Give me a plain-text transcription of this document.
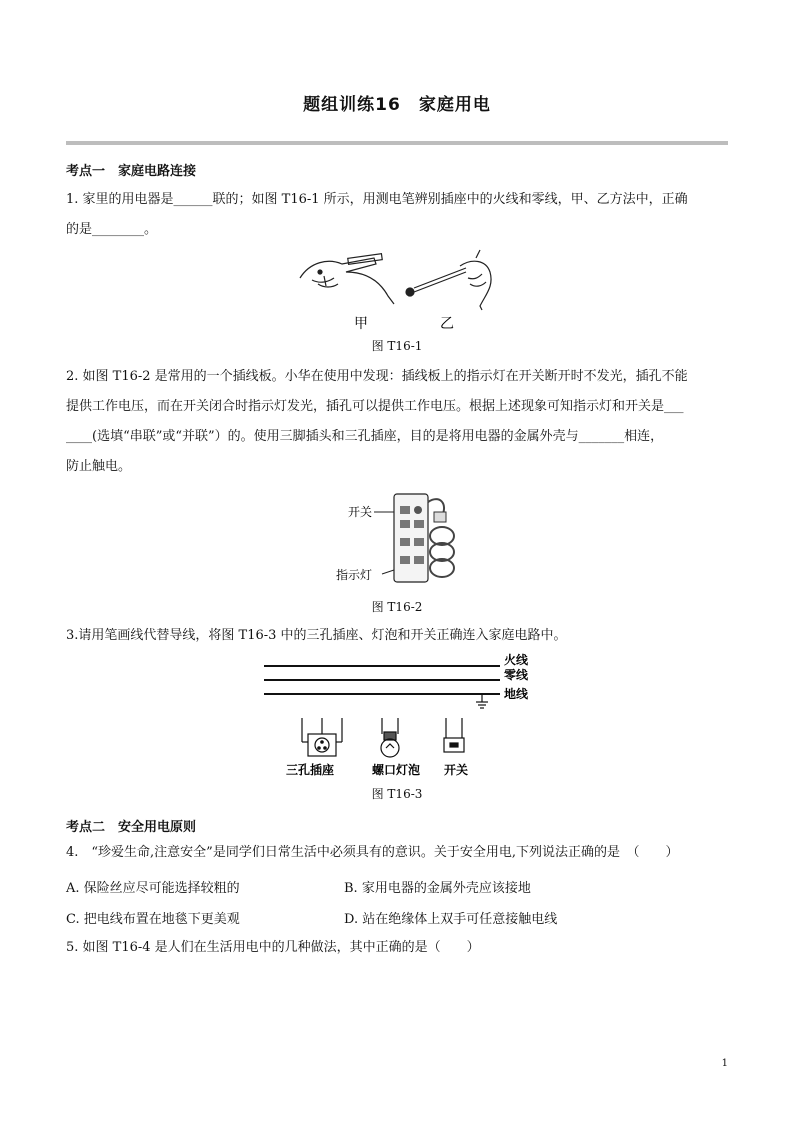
题组训练16　家庭用电
考点一　家庭电路连接

1. 家里的用电器是______联的；如图 T16-1 所示，用测电笔辨别插座中的火线和零线，甲、乙方法中，正确

的是________。

甲	乙
图 T16-1

2. 如图 T16-2 是常用的一个插线板。小华在使用中发现：插线板上的指示灯在开关断开时不发光，插孔不能

提供工作电压，而在开关闭合时指示灯发光，插孔可以提供工作电压。根据上述现象可知指示灯和开关是___

____(选填“串联”或“并联”）的。使用三脚插头和三孔插座，目的是将用电器的金属外壳与_______相连，

防止触电。

开关
指示灯
图 T16-2

3.请用笔画线代替导线，将图 T16-3 中的三孔插座、灯泡和开关正确连入家庭电路中。

火线
零线
地线
三孔插座	螺口灯泡 开关
图 T16-3
考点二　安全用电原则

4.　“珍爱生命,注意安全”是同学们日常生活中必须具有的意识。关于安全用电,下列说法正确的是　（　　）

A. 保险丝应尽可能选择较粗的	B. 家用电器的金属外壳应该接地
C. 把电线布置在地毯下更美观	D. 站在绝缘体上双手可任意接触电线

5. 如图 T16-4 是人们在生活用电中的几种做法，其中正确的是（　　）

1
